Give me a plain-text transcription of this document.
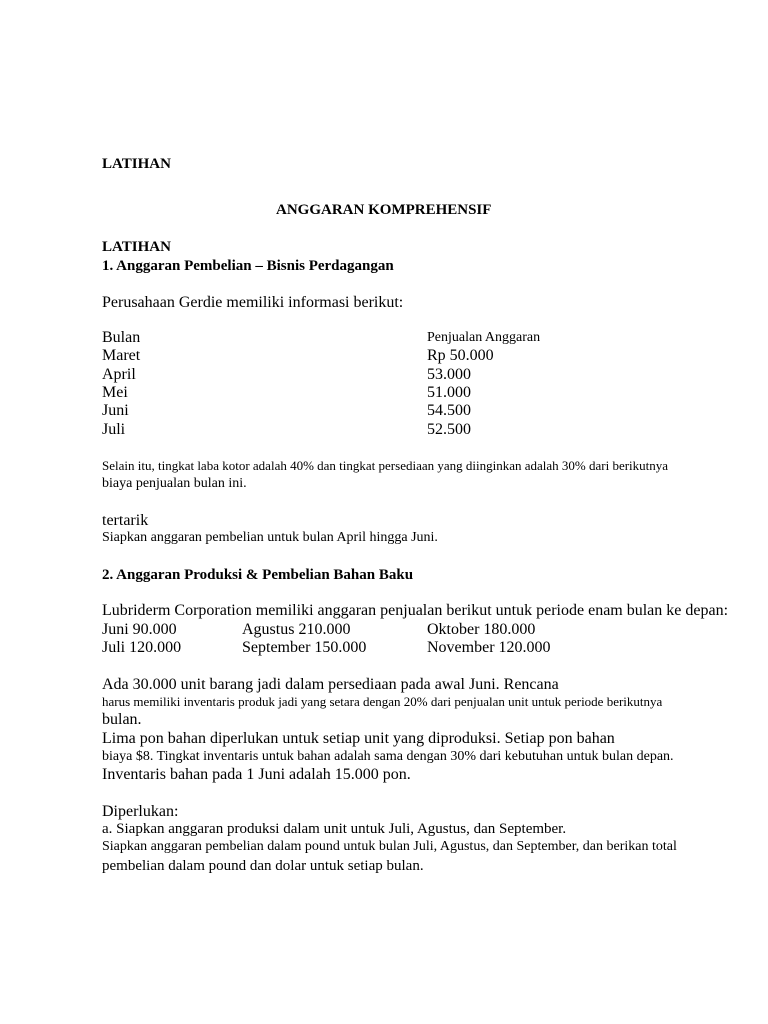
LATIHAN
ANGGARAN KOMPREHENSIF
LATIHAN
1. Anggaran Pembelian – Bisnis Perdagangan
Perusahaan Gerdie memiliki informasi berikut:
Bulan	Penjualan Anggaran
Maret	Rp 50.000
April	53.000
Mei	51.000
Juni	54.500
Juli	52.500
Selain itu, tingkat laba kotor adalah 40% dan tingkat persediaan yang diinginkan adalah 30% dari berikutnya
biaya penjualan bulan ini.
tertarik
Siapkan anggaran pembelian untuk bulan April hingga Juni.
2. Anggaran Produksi & Pembelian Bahan Baku
Lubriderm Corporation memiliki anggaran penjualan berikut untuk periode enam bulan ke depan:
Juni 90.000	Agustus 210.000	Oktober 180.000
Juli 120.000	September 150.000	November 120.000
Ada 30.000 unit barang jadi dalam persediaan pada awal Juni. Rencana
harus memiliki inventaris produk jadi yang setara dengan 20% dari penjualan unit untuk periode berikutnya
bulan.
Lima pon bahan diperlukan untuk setiap unit yang diproduksi. Setiap pon bahan
biaya $8. Tingkat inventaris untuk bahan adalah sama dengan 30% dari kebutuhan untuk bulan depan.
Inventaris bahan pada 1 Juni adalah 15.000 pon.
Diperlukan:
a. Siapkan anggaran produksi dalam unit untuk Juli, Agustus, dan September.
Siapkan anggaran pembelian dalam pound untuk bulan Juli, Agustus, dan September, dan berikan total
pembelian dalam pound dan dolar untuk setiap bulan.
